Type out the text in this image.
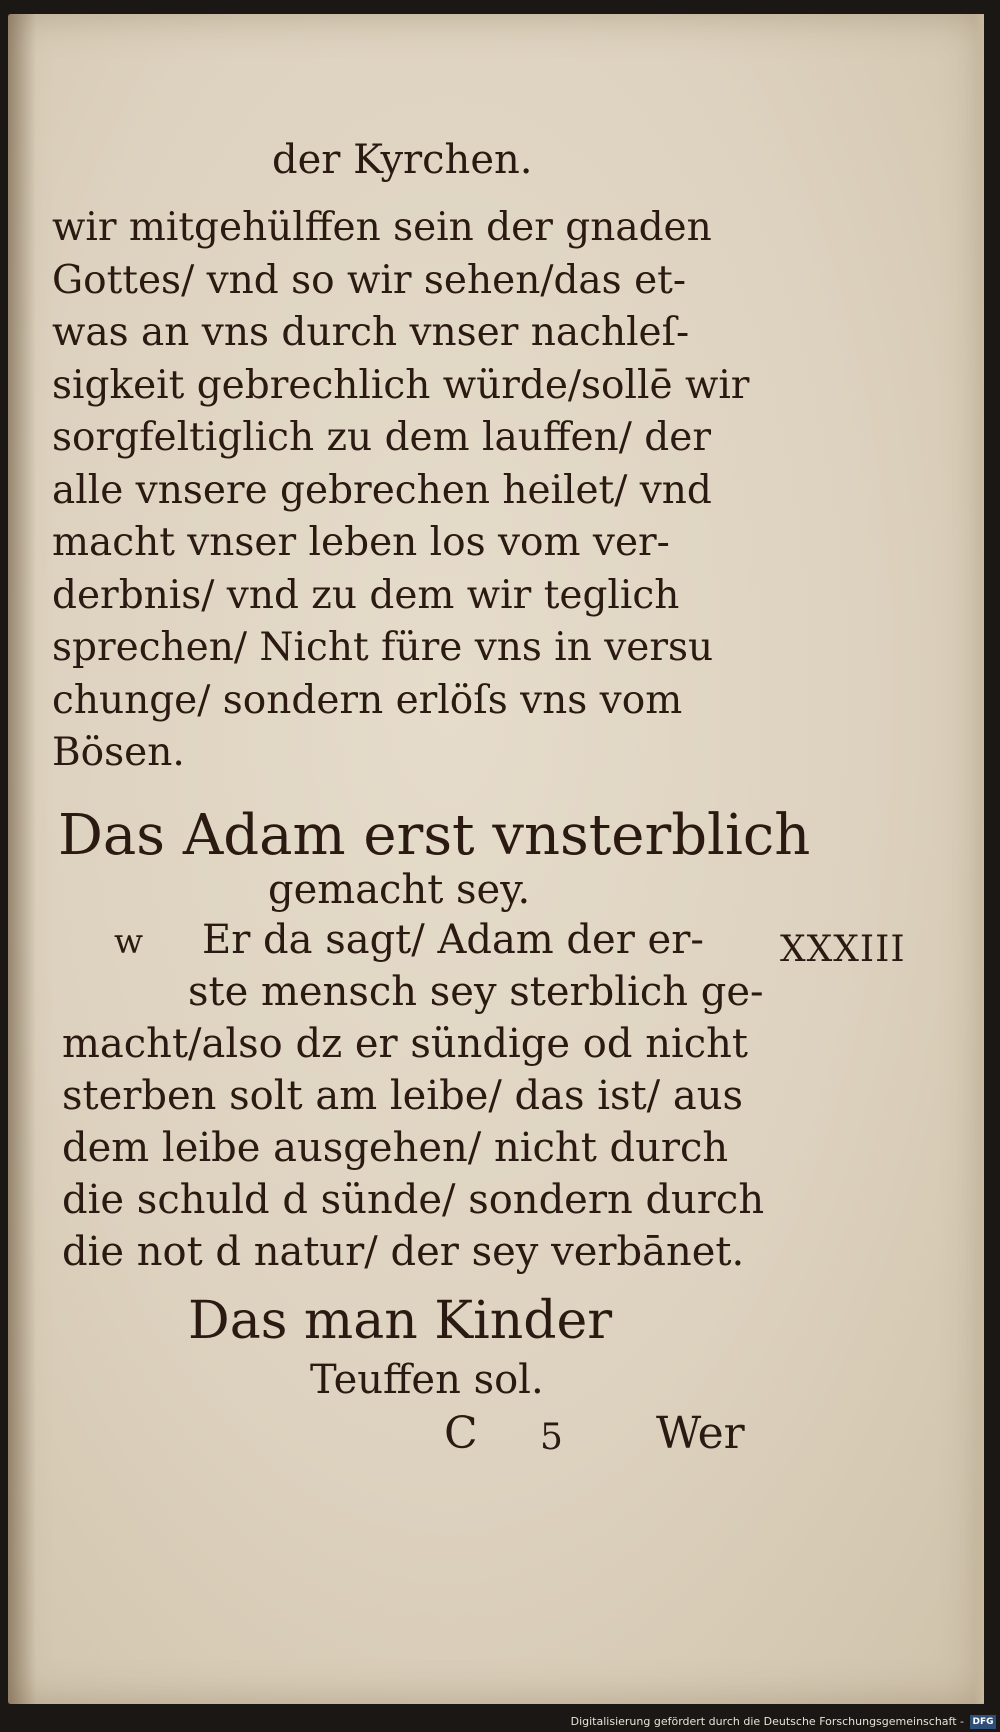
der Kyrchen.
wir mitgehülffen sein der gnaden
Gottes/ vnd so wir sehen/das et-
was an vns durch vnser nachleſ-
sigkeit gebrechlich würde/sollē wir
sorgfeltiglich zu dem lauffen/ der
alle vnsere gebrechen heilet/ vnd
macht vnser leben los vom ver-
derbnis/ vnd zu dem wir teglich
sprechen/ Nicht füre vns in versu
chunge/ sondern erlöſs vns vom
Bösen.
Das Adam erst vnsterblich
gemacht sey.
w	Er da sagt/ Adam der er-
ste mensch sey sterblich ge-
macht/also dz er sündige od nicht
sterben solt am leibe/ das ist/ aus
dem leibe ausgehen/ nicht durch
die schuld d sünde/ sondern durch
die not d natur/ der sey verbānet.
XXXIII
Das man Kinder
Teuffen sol.
C 5 Wer
Digitalisierung gefördert durch die Deutsche Forschungsgemeinschaft - DFG
